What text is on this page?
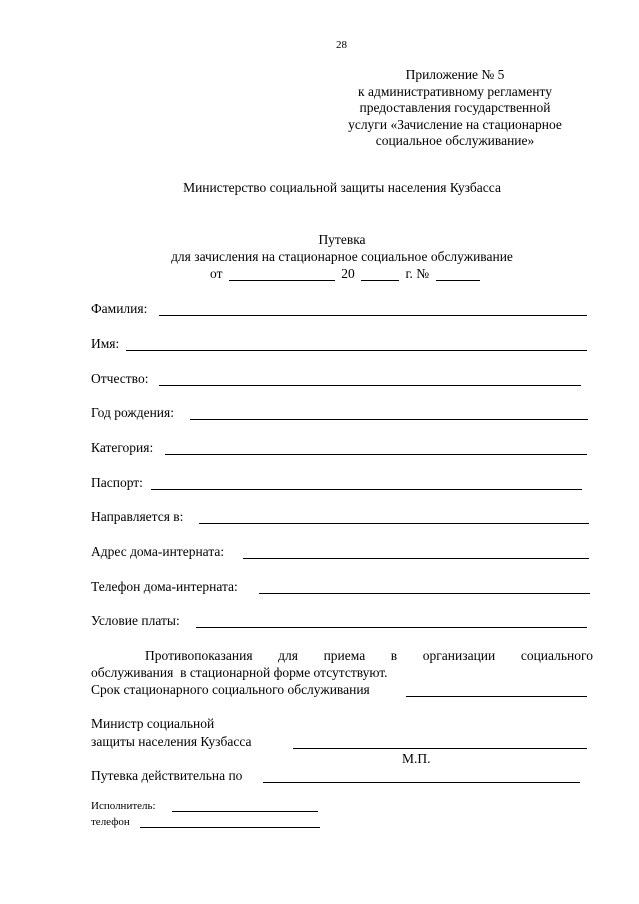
28
Приложение № 5
к административному регламенту
предоставления государственной
услуги «Зачисление на стационарное
социальное обслуживание»
Министерство социальной защиты населения Кузбасса
Путевка
для зачисления на стационарное социальное обслуживание
от	20	г. №
Фамилия:
Имя:
Отчество:
Год рождения:
Категория:
Паспорт:
Направляется в:
Адрес дома-интерната:
Телефон дома-интерната:
Условие платы:
Противопоказания для приема в организации социального
обслуживания  в стационарной форме отсутствуют.
Срок стационарного социального обслуживания
Министр социальной
защиты населения Кузбасса
М.П.
Путевка действительна по
Исполнитель:
телефон
